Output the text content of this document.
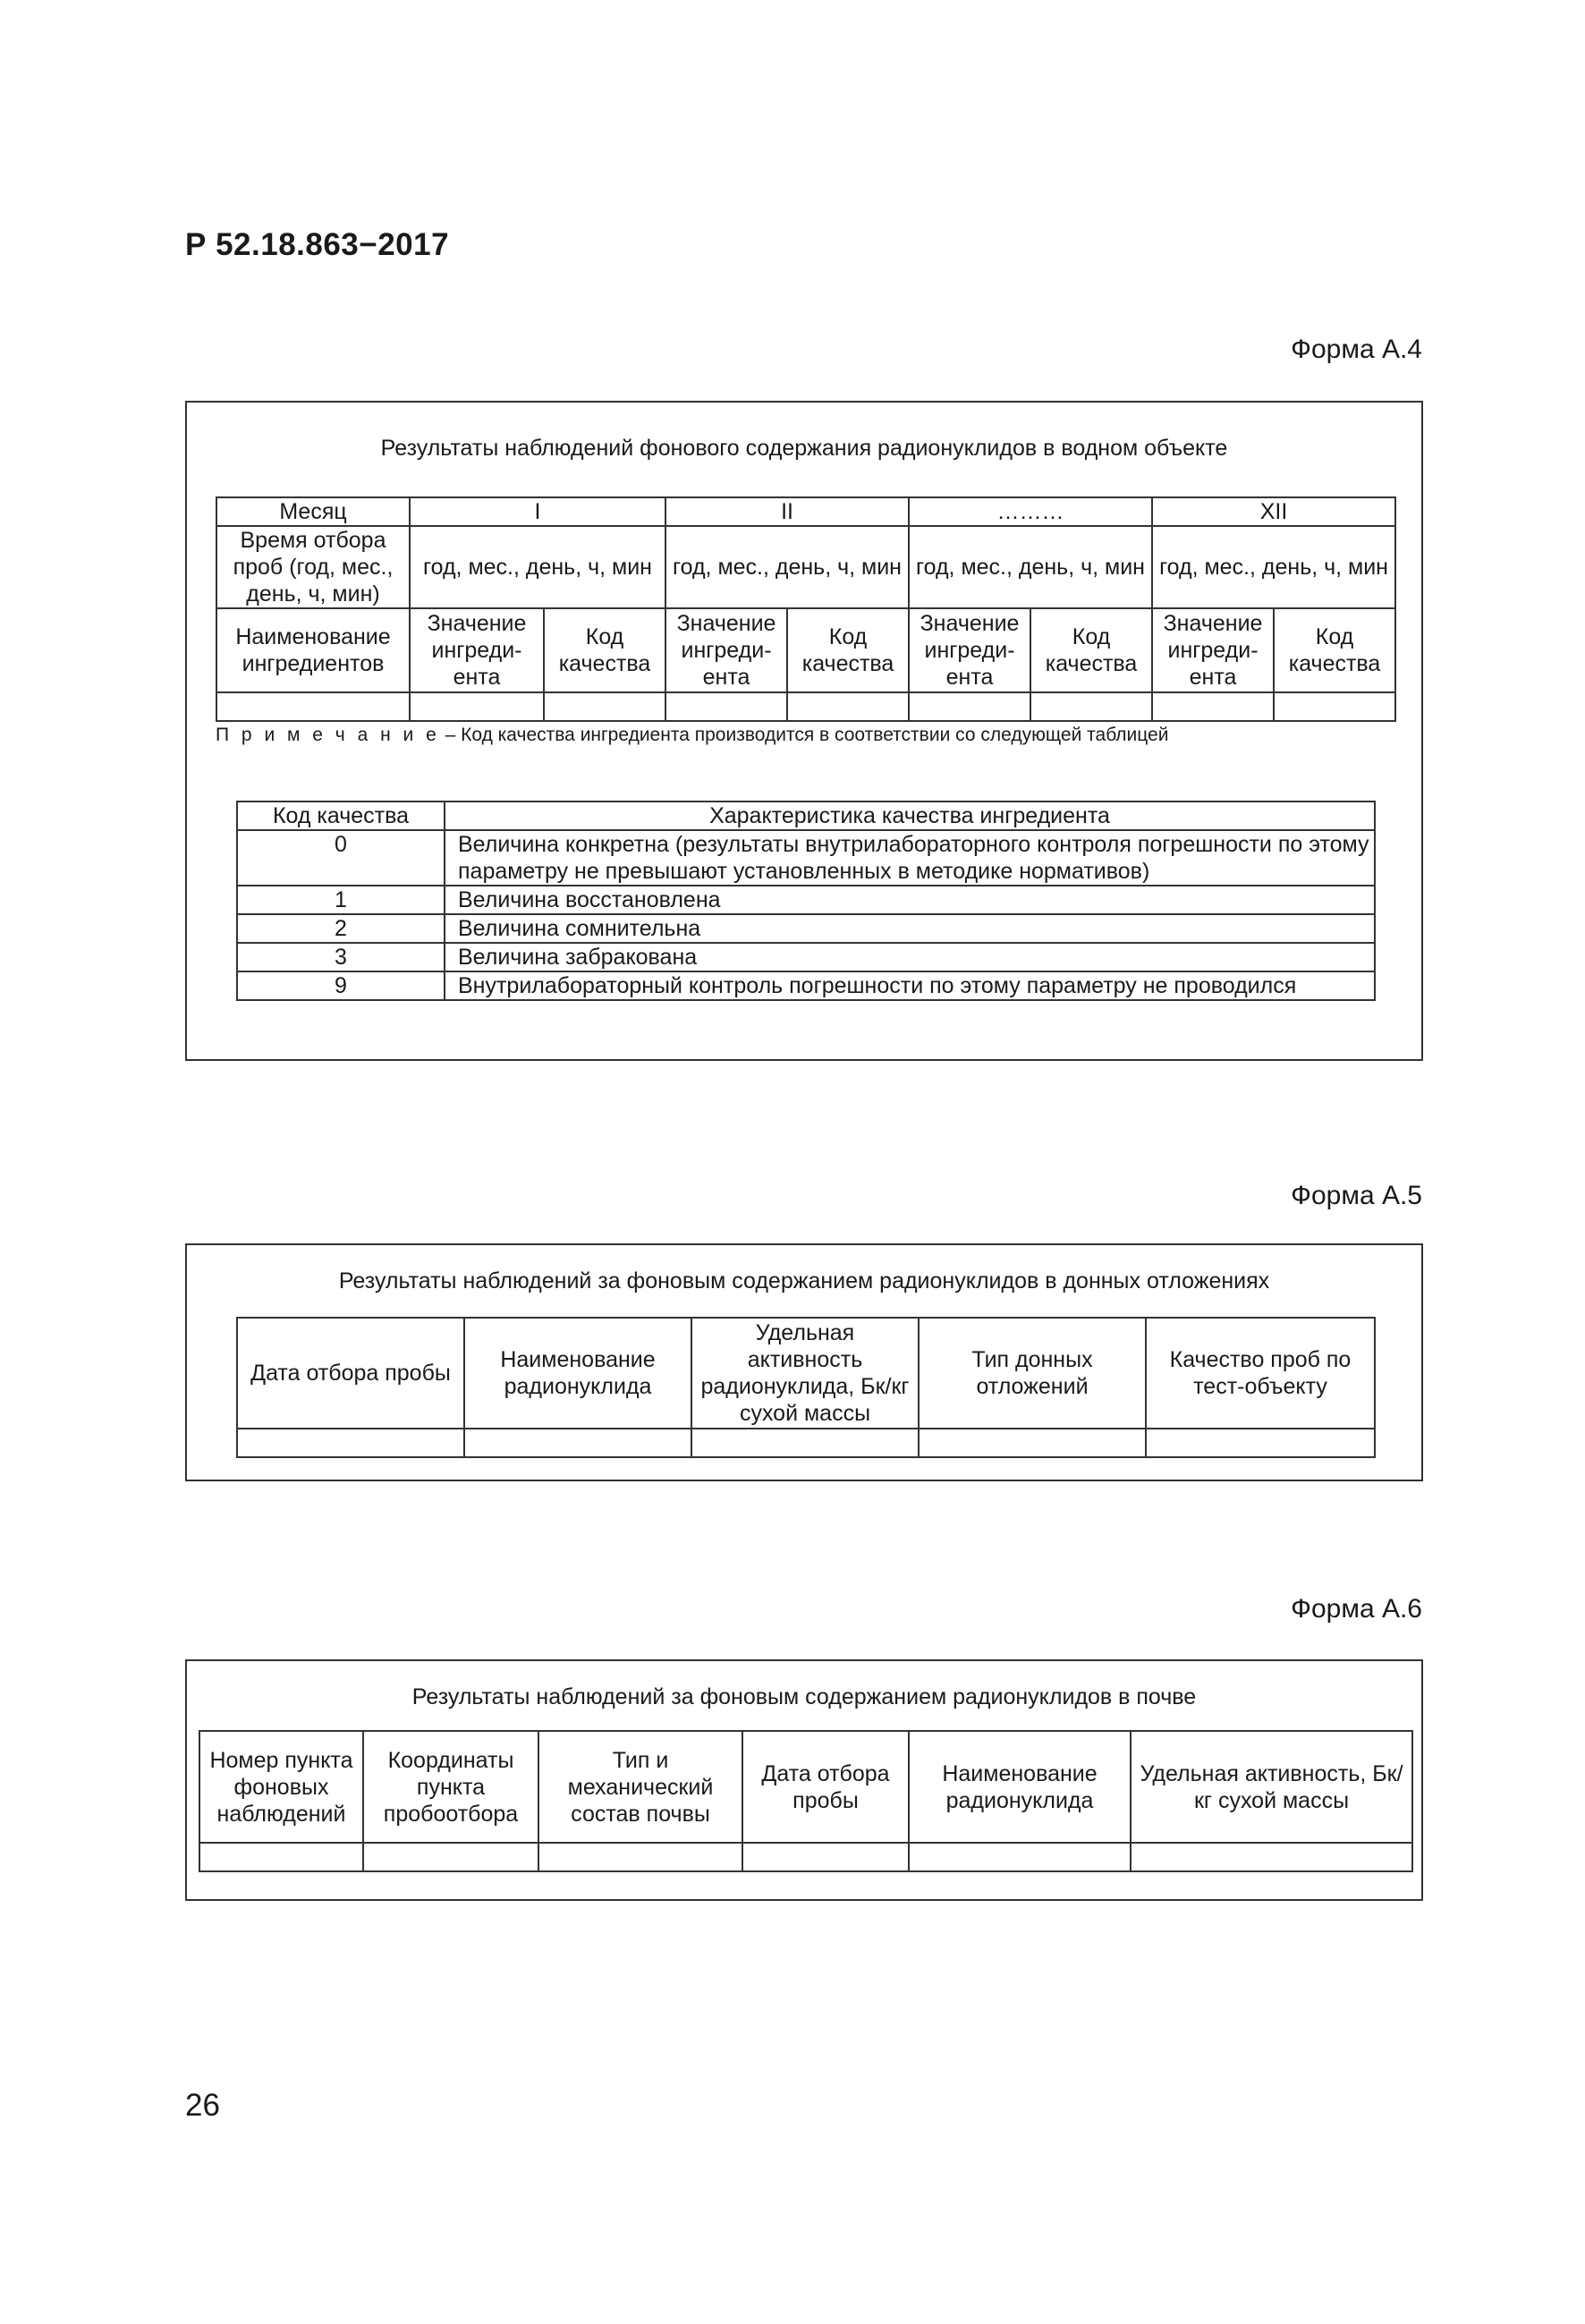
Р 52.18.863−2017
Форма А.4
Результаты наблюдений фонового содержания радионуклидов в водном объекте
Месяц	I		II		………		XII	
Время отбора проб (год, мес., день, ч, мин)	год, мес., день, ч, мин		год, мес., день, ч, мин		год, мес., день, ч, мин		год, мес., день, ч, мин	
Наименование ингредиентов	Значение ингреди-ента	Код качества	Значение ингреди-ента	Код качества	Значение ингреди-ента	Код качества	Значение ингреди-ента	Код качества

П р и м е ч а н и е – Код качества ингредиента производится в соответствии со следующей таблицей
Код качества	Характеристика качества ингредиента
0	Величина конкретна (результаты внутрилабораторного контроля погрешности по этому параметру не превышают установленных в методике нормативов)
1	Величина восстановлена
2	Величина сомнительна
3	Величина забракована
9	Внутрилабораторный контроль погрешности по этому параметру не проводился
Форма А.5
Результаты наблюдений за фоновым содержанием радионуклидов в донных отложениях
Дата отбора пробы	Наименование радионуклида	Удельная активность радионуклида, Бк/кг сухой массы	Тип донных отложений	Качество проб по тест-объекту

Форма А.6
Результаты наблюдений за фоновым содержанием радионуклидов в почве
Номер пункта фоновых наблюдений	Координаты пункта пробоотбора	Тип и механический состав почвы	Дата отбора пробы	Наименование радионуклида	Удельная активность, Бк/кг сухой массы

26
